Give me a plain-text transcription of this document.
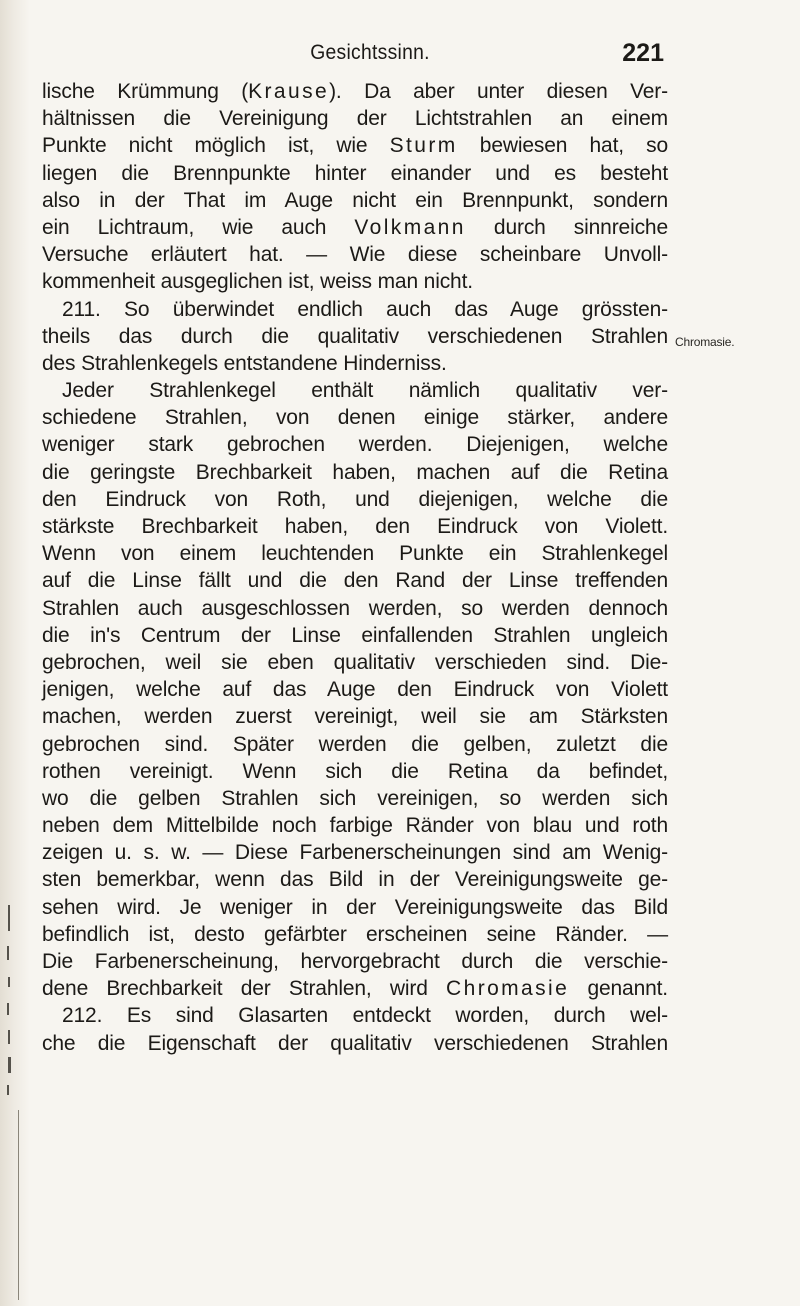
Gesichtssinn.	221
lische Krümmung (Krause). Da aber unter diesen Ver-
hältnissen die Vereinigung der Lichtstrahlen an einem
Punkte nicht möglich ist, wie Sturm bewiesen hat, so
liegen die Brennpunkte hinter einander und es besteht
also in der That im Auge nicht ein Brennpunkt, sondern
ein Lichtraum, wie auch Volkmann durch sinnreiche
Versuche erläutert hat. — Wie diese scheinbare Unvoll-
kommenheit ausgeglichen ist, weiss man nicht.
211. So überwindet endlich auch das Auge grössten-
theils das durch die qualitativ verschiedenen Strahlen
des Strahlenkegels entstandene Hinderniss.
Jeder Strahlenkegel enthält nämlich qualitativ ver-
schiedene Strahlen, von denen einige stärker, andere
weniger stark gebrochen werden. Diejenigen, welche
die geringste Brechbarkeit haben, machen auf die Retina
den Eindruck von Roth, und diejenigen, welche die
stärkste Brechbarkeit haben, den Eindruck von Violett.
Wenn von einem leuchtenden Punkte ein Strahlenkegel
auf die Linse fällt und die den Rand der Linse treffenden
Strahlen auch ausgeschlossen werden, so werden dennoch
die in's Centrum der Linse einfallenden Strahlen ungleich
gebrochen, weil sie eben qualitativ verschieden sind. Die-
jenigen, welche auf das Auge den Eindruck von Violett
machen, werden zuerst vereinigt, weil sie am Stärksten
gebrochen sind. Später werden die gelben, zuletzt die
rothen vereinigt. Wenn sich die Retina da befindet,
wo die gelben Strahlen sich vereinigen, so werden sich
neben dem Mittelbilde noch farbige Ränder von blau und roth
zeigen u. s. w. — Diese Farbenerscheinungen sind am Wenig-
sten bemerkbar, wenn das Bild in der Vereinigungsweite ge-
sehen wird. Je weniger in der Vereinigungsweite das Bild
befindlich ist, desto gefärbter erscheinen seine Ränder. —
Die Farbenerscheinung, hervorgebracht durch die verschie-
dene Brechbarkeit der Strahlen, wird Chromasie genannt.
212. Es sind Glasarten entdeckt worden, durch wel-
che die Eigenschaft der qualitativ verschiedenen Strahlen
Chromasie.
